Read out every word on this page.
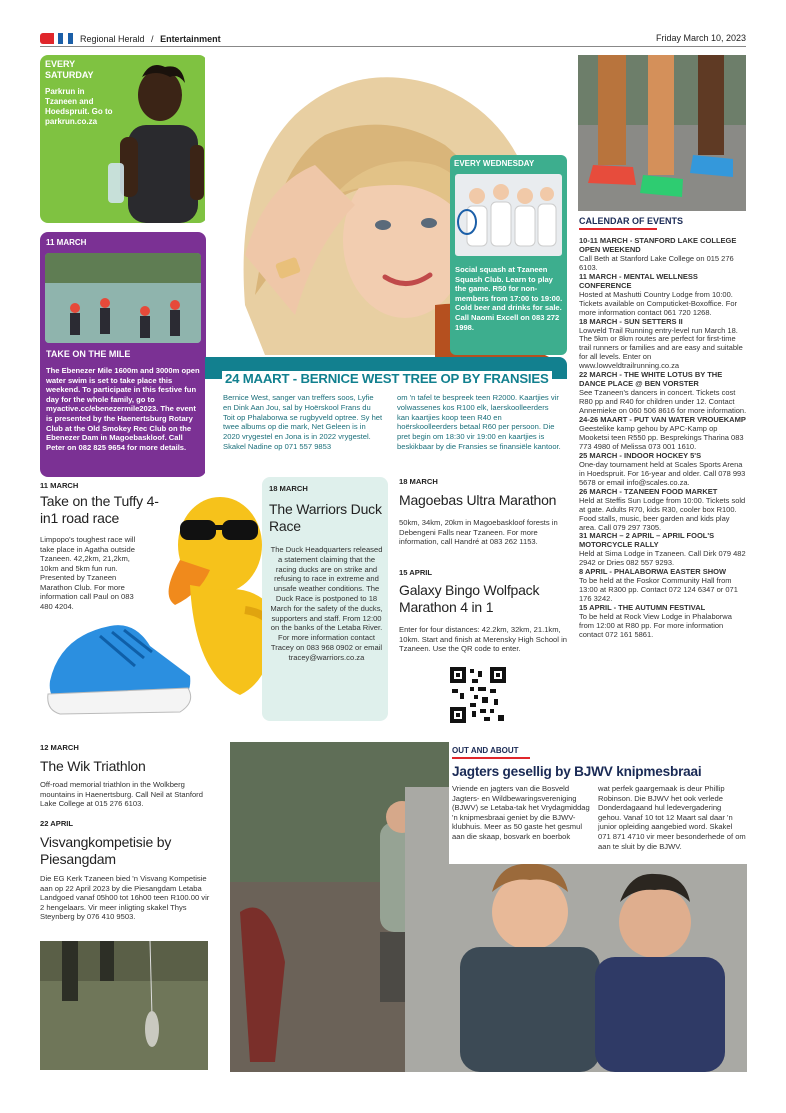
Regional Herald / Entertainment	Friday March 10, 2023
EVERY SATURDAY
Parkrun in Tzaneen and Hoedspruit. Go to parkrun.co.za
11 MARCH
TAKE ON THE MILE
The Ebenezer Mile 1600m and 3000m open water swim is set to take place this weekend. To participate in this festive fun day for the whole family, go to myactive.cc/ebenezermile2023. The event is presented by the Haenertsburg Rotary Club at the Old Smokey Rec Club on the Ebenezer Dam in Magoebaskloof. Call Peter on 082 825 9654 for more details.
EVERY WEDNESDAY
Social squash at Tzaneen Squash Club. Learn to play the game. R50 for non-members from 17:00 to 19:00. Cold beer and drinks for sale. Call Naomi Excell on 083 272 1998.
24 MAART - BERNICE WEST TREE OP BY FRANSIES
Bernice West, sanger van treffers soos, Lyfie en Dink Aan Jou, sal by Hoërskool Frans du Toit op Phalaborwa se rugbyveld optree. Sy het twee albums op die mark, Net Geleen is in 2020 vrygestel en Jona is in 2022 vrygestel. Skakel Nadine op 071 557 9853
om 'n tafel te bespreek teen R2000. Kaartjies vir volwassenes kos R100 elk, laerskoolleerders kan kaartjies koop teen R40 en hoërskoolleerders betaal R60 per persoon. Die pret begin om 18:30 vir 19:00 en kaartjies is beskikbaar by die Fransies se finansiële kantoor.
CALENDAR OF EVENTS
10-11 MARCH - STANFORD LAKE COLLEGE OPEN WEEKEND
Call Beth at Stanford Lake College on 015 276 6103.
11 MARCH - MENTAL WELLNESS CONFERENCE
Hosted at Mashutti Country Lodge from 10:00. Tickets available on Computicket-Boxoffice. For more information contact 061 720 1268.
18 MARCH - SUN SETTERS II
Lowveld Trail Running entry-level run March 18. The 5km or 8km routes are perfect for first-time trail runners or families and are easy and suitable for all levels. Enter on www.lowveldtrailrunning.co.za
22 MARCH - THE WHITE LOTUS BY THE DANCE PLACE @ BEN VORSTER
See Tzaneen's dancers in concert. Tickets cost R80 pp and R40 for children under 12. Contact Annemieke on 060 506 8616 for more information.
24-26 MAART - PUT VAN WATER VROUEKAMP
Geestelike kamp gehou by APC-Kamp op Mooketsi teen R550 pp. Besprekings Tharina 083 773 4980 of Melissa 073 001 1610.
25 MARCH - INDOOR HOCKEY 5'S
One-day tournament held at Scales Sports Arena in Hoedspruit. For 16-year and older. Call 078 993 5678 or email info@scales.co.za.
26 MARCH - TZANEEN FOOD MARKET
Held at Steffis Sun Lodge from 10:00. Tickets sold at gate. Adults R70, kids R30, cooler box R100. Food stalls, music, beer garden and kids play area. Call 079 297 7305.
31 MARCH – 2 APRIL – APRIL FOOL'S MOTORCYCLE RALLY
Held at Sima Lodge in Tzaneen. Call Dirk 079 482 2942 or Dries 082 557 9293.
8 APRIL - PHALABORWA EASTER SHOW
To be held at the Foskor Community Hall from 13:00 at R300 pp. Contact 072 124 6347 or 071 176 3242.
15 APRIL - THE AUTUMN FESTIVAL
To be held at Rock View Lodge in Phalaborwa from 12:00 at R80 pp. For more information contact 072 161 5861.
11 MARCH
Take on the Tuffy 4-in1 road race
Limpopo's toughest race will take place in Agatha outside Tzaneen. 42,2km, 21,2km, 10km and 5km fun run. Presented by Tzaneen Marathon Club. For more information call Paul on 083 480 4204.
18 MARCH
The Warriors Duck Race
The Duck Headquarters released a statement claiming that the racing ducks are on strike and refusing to race in extreme and unsafe weather conditions. The Duck Race is postponed to 18 March for the safety of the ducks, supporters and staff. From 12:00 on the banks of the Letaba River. For more information contact Tracey on 083 968 0902 or email tracey@warriors.co.za
18 MARCH
Magoebas Ultra Marathon
50km, 34km, 20km in Magoebaskloof forests in Debengeni Falls near Tzaneen. For more information, call Handré at 083 262 1153.
15 APRIL
Galaxy Bingo Wolfpack Marathon 4 in 1
Enter for four distances: 42.2km, 32km, 21.1km, 10km. Start and finish at Merensky High School in Tzaneen. Use the QR code to enter.
12 MARCH
The Wik Triathlon
Off-road memorial triathlon in the Wolkberg mountains in Haenertsburg. Call Neil at Stanford Lake College at 015 276 6103.
22 APRIL
Visvangkompetisie by Piesangdam
Die EG Kerk Tzaneen bied 'n Visvang Kompetisie aan op 22 April 2023 by die Piesangdam Letaba Landgoed vanaf 05h00 tot 16h00 teen R100.00 vir 2 hengelaars. Vir meer inligting skakel Thys Steynberg by 076 410 9503.
OUT AND ABOUT
Jagters gesellig by BJWV knipmesbraai
Vriende en jagters van die Bosveld Jagters- en Wildbewaringsvereniging (BJWV) se Letaba-tak het Vrydagmiddag 'n knipmesbraai geniet by die BJWV-klubhuis. Meer as 50 gaste het gesmul aan die skaap, bosvark en boerbok
wat perfek gaargemaak is deur Phillip Robinson. Die BJWV het ook verlede Donderdagaand hul ledevergadering gehou. Vanaf 10 tot 12 Maart sal daar 'n junior opleiding aangebied word. Skakel 071 871 4710 vir meer besonderhede of om aan te sluit by die BJWV.
